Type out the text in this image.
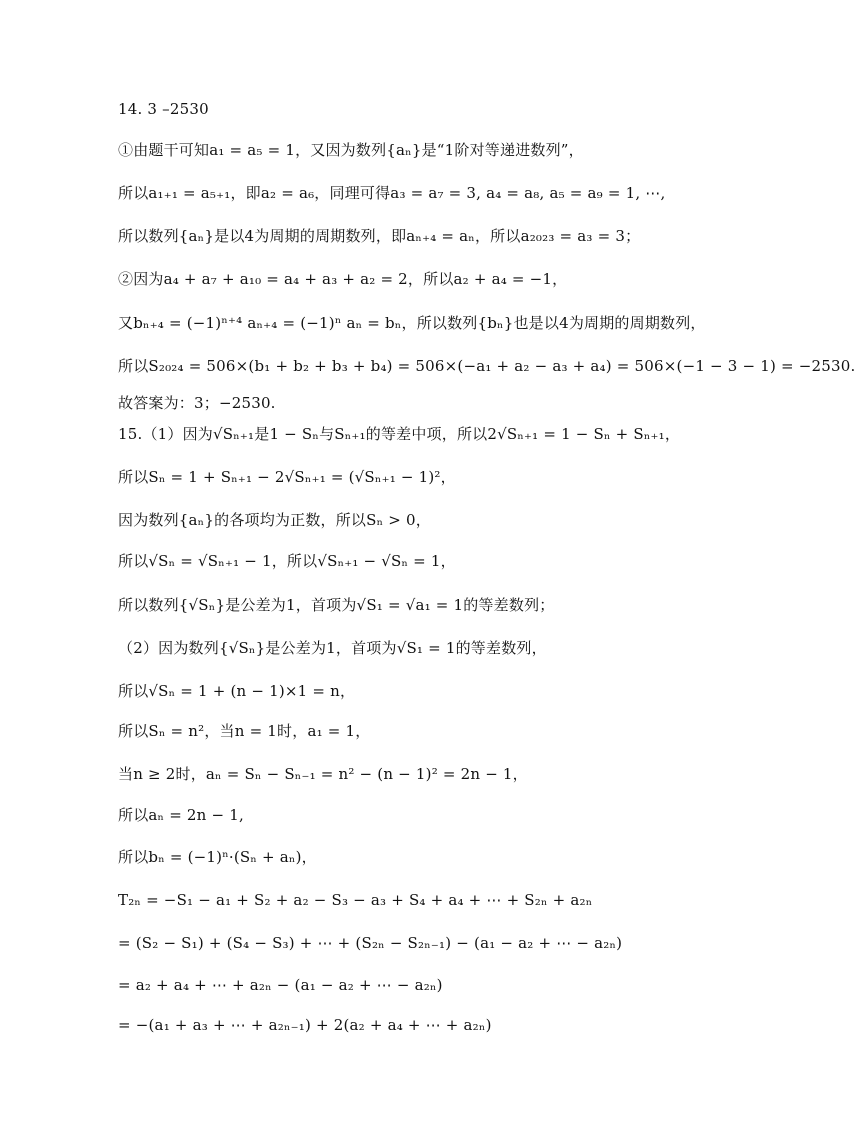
14. 3 –2530
①由题干可知a₁ = a₅ = 1，又因为数列{aₙ}是“1阶对等递进数列”，
所以a₁₊₁ = a₅₊₁，即a₂ = a₆，同理可得a₃ = a₇ = 3, a₄ = a₈, a₅ = a₉ = 1, ⋯,
所以数列{aₙ}是以4为周期的周期数列，即aₙ₊₄ = aₙ，所以a₂₀₂₃ = a₃ = 3；
②因为a₄ + a₇ + a₁₀ = a₄ + a₃ + a₂ = 2，所以a₂ + a₄ = −1，
又bₙ₊₄ = (−1)ⁿ⁺⁴ aₙ₊₄ = (−1)ⁿ aₙ = bₙ，所以数列{bₙ}也是以4为周期的周期数列，
所以S₂₀₂₄ = 506×(b₁ + b₂ + b₃ + b₄) = 506×(−a₁ + a₂ − a₃ + a₄) = 506×(−1 − 3 − 1) = −2530.
故答案为：3；−2530.
15.（1）因为√Sₙ₊₁是1 − Sₙ与Sₙ₊₁的等差中项，所以2√Sₙ₊₁ = 1 − Sₙ + Sₙ₊₁，
所以Sₙ = 1 + Sₙ₊₁ − 2√Sₙ₊₁ = (√Sₙ₊₁ − 1)²，
因为数列{aₙ}的各项均为正数，所以Sₙ > 0，
所以√Sₙ = √Sₙ₊₁ − 1，所以√Sₙ₊₁ − √Sₙ = 1，
所以数列{√Sₙ}是公差为1，首项为√S₁ = √a₁ = 1的等差数列；
（2）因为数列{√Sₙ}是公差为1，首项为√S₁ = 1的等差数列，
所以√Sₙ = 1 + (n − 1)×1 = n，
所以Sₙ = n²，当n = 1时，a₁ = 1，
当n ≥ 2时，aₙ = Sₙ − Sₙ₋₁ = n² − (n − 1)² = 2n − 1，
所以aₙ = 2n − 1,
所以bₙ = (−1)ⁿ·(Sₙ + aₙ)，
T₂ₙ = −S₁ − a₁ + S₂ + a₂ − S₃ − a₃ + S₄ + a₄ + ⋯ + S₂ₙ + a₂ₙ
= (S₂ − S₁) + (S₄ − S₃) + ⋯ + (S₂ₙ − S₂ₙ₋₁) − (a₁ − a₂ + ⋯ − a₂ₙ)
= a₂ + a₄ + ⋯ + a₂ₙ − (a₁ − a₂ + ⋯ − a₂ₙ)
= −(a₁ + a₃ + ⋯ + a₂ₙ₋₁) + 2(a₂ + a₄ + ⋯ + a₂ₙ)
